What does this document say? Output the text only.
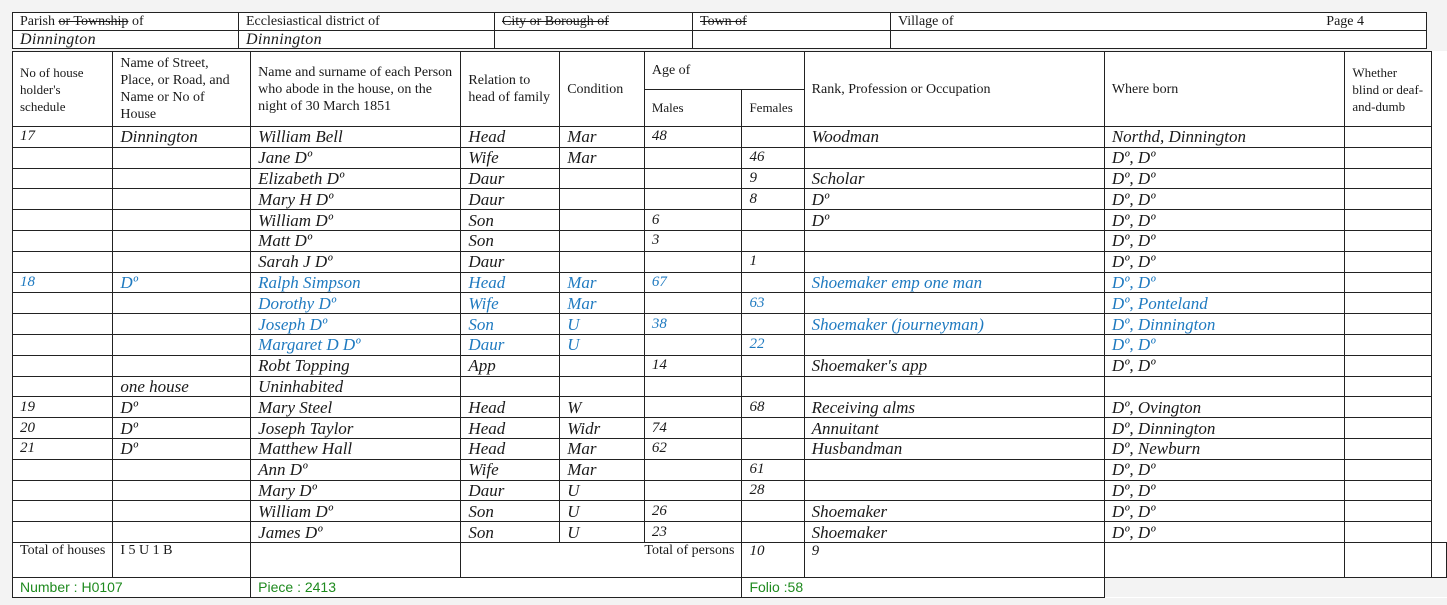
Parish or Township of	Ecclesiastical district of	City or Borough of	Town of	Village of Page 4

Dinnington	Dinnington			
No of house holder's schedule	Name of Street, Place, or Road, and Name or No of House	Name and surname of each Person who abode in the house, on the night of 30 March 1851	Relation to head of family	Condition	Age of		Rank, Profession or Occupation	Where born	Whether blind or deaf-and-dumb	
					Males	Females				
17	Dinnington	William Bell	Head	Mar	48		Woodman	Northd, Dinnington		
		Jane Dº	Wife	Mar		46		Dº, Dº		
		Elizabeth Dº	Daur			9	Scholar	Dº, Dº		
		Mary H Dº	Daur			8	Dº	Dº, Dº		
		William Dº	Son		6		Dº	Dº, Dº		
		Matt Dº	Son		3			Dº, Dº		
		Sarah J Dº	Daur			1		Dº, Dº		
18	Dº	Ralph Simpson	Head	Mar	67		Shoemaker emp one man	Dº, Dº		
		Dorothy Dº	Wife	Mar		63		Dº, Ponteland		
		Joseph Dº	Son	U	38		Shoemaker (journeyman)	Dº, Dinnington		
		Margaret D Dº	Daur	U		22		Dº, Dº		
		Robt Topping	App		14		Shoemaker's app	Dº, Dº		
	one house	Uninhabited								
19	Dº	Mary Steel	Head	W		68	Receiving alms	Dº, Ovington		
20	Dº	Joseph Taylor	Head	Widr	74		Annuitant	Dº, Dinnington		
21	Dº	Matthew Hall	Head	Mar	62		Husbandman	Dº, Newburn		
		Ann Dº	Wife	Mar		61		Dº, Dº		
		Mary Dº	Daur	U		28		Dº, Dº		
		William Dº	Son	U	26		Shoemaker	Dº, Dº		
		James Dº	Son	U	23		Shoemaker	Dº, Dº		
Total of houses	I 5 U 1 B		Total of persons			10	9			
Number : H0107		Piece : 2413				Folio :58				
